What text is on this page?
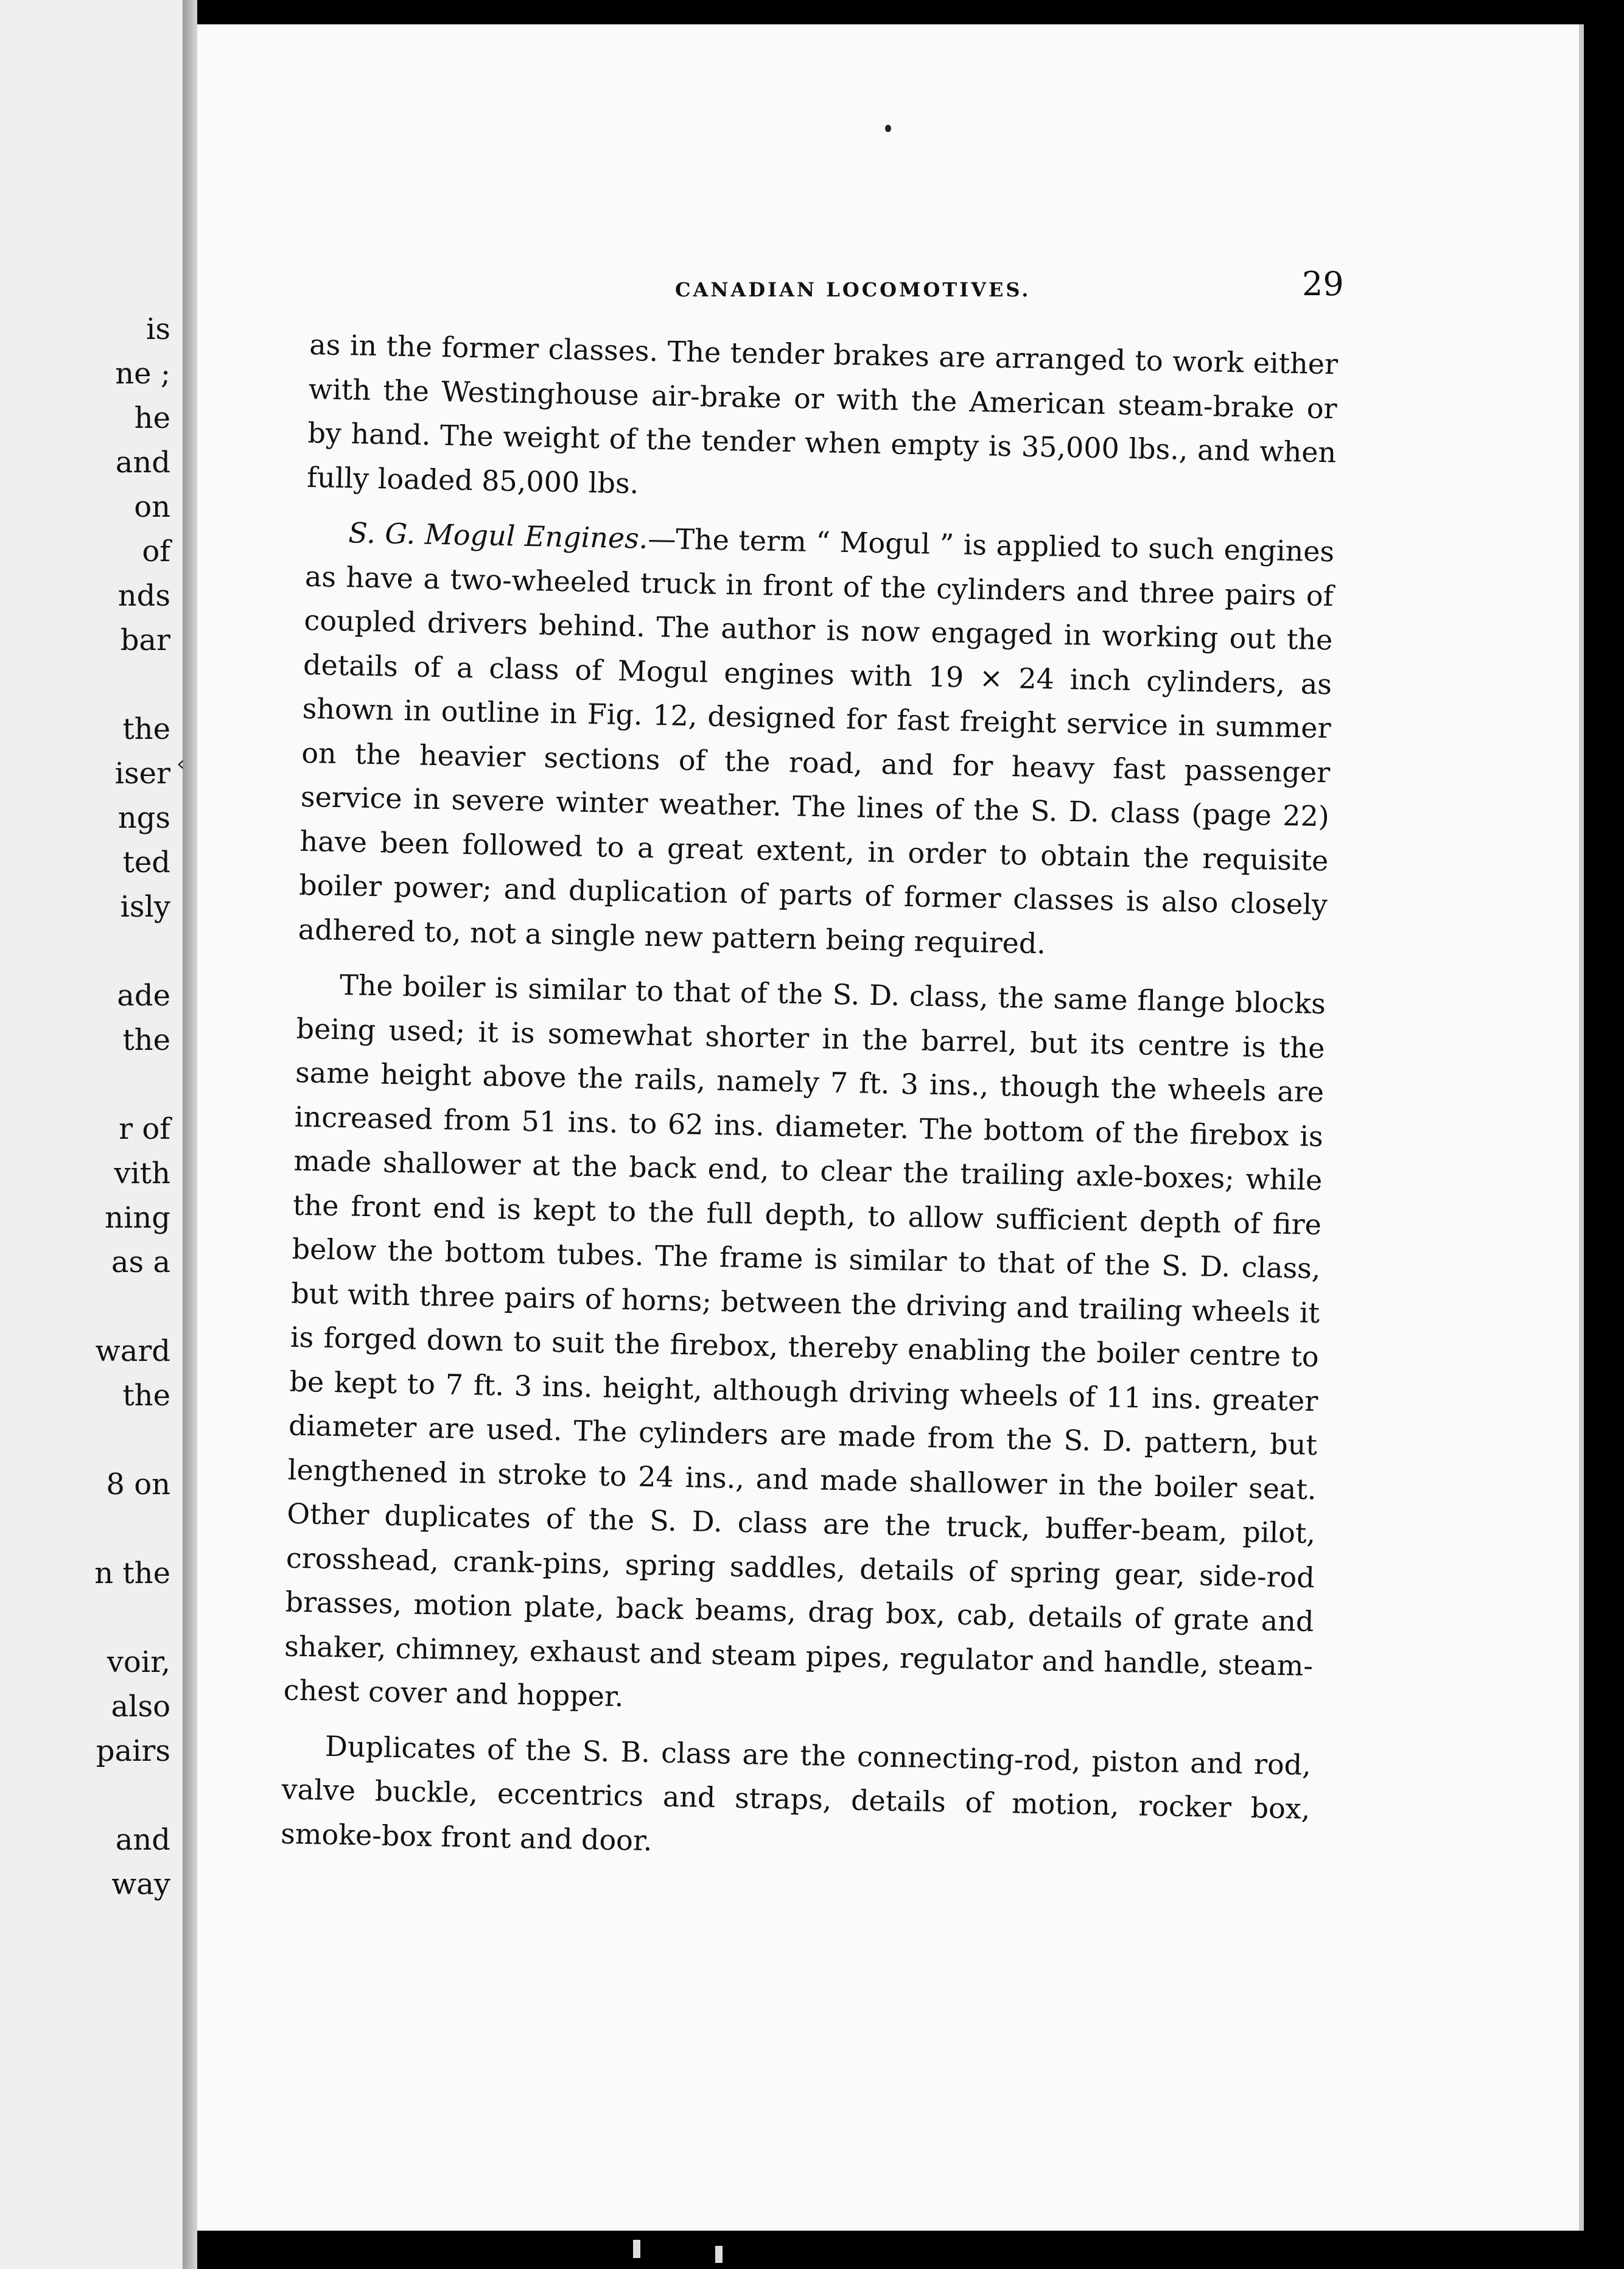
is
ne ;
he
and
on
of
nds
bar
the
iser
ngs
ted
isly
ade
the
r of
vith
ning
as a
ward
the
8 on
n the
voir,
also
pairs
and
way
‹
CANADIAN LOCOMOTIVES.	29

as in the former classes. The tender brakes are arranged to work either with the Westinghouse air-brake or with the American steam-brake or by hand. The weight of the tender when empty is 35,000 lbs., and when fully loaded 85,000 lbs.

S. G. Mogul Engines.—The term “ Mogul ” is applied to such engines as have a two-wheeled truck in front of the cylinders and three pairs of coupled drivers behind. The author is now engaged in working out the details of a class of Mogul engines with 19 × 24 inch cylinders, as shown in outline in Fig. 12, designed for fast freight service in summer on the heavier sections of the road, and for heavy fast passenger service in severe winter weather. The lines of the S. D. class (page 22) have been followed to a great extent, in order to obtain the requisite boiler power; and duplication of parts of former classes is also closely adhered to, not a single new pattern being required.

The boiler is similar to that of the S. D. class, the same flange blocks being used; it is somewhat shorter in the barrel, but its centre is the same height above the rails, namely 7 ft. 3 ins., though the wheels are increased from 51 ins. to 62 ins. diameter. The bottom of the firebox is made shallower at the back end, to clear the trailing axle-boxes; while the front end is kept to the full depth, to allow sufficient depth of fire below the bottom tubes. The frame is similar to that of the S. D. class, but with three pairs of horns; between the driving and trailing wheels it is forged down to suit the firebox, thereby enabling the boiler centre to be kept to 7 ft. 3 ins. height, although driving wheels of 11 ins. greater diameter are used. The cylinders are made from the S. D. pattern, but lengthened in stroke to 24 ins., and made shallower in the boiler seat. Other duplicates of the S. D. class are the truck, buffer-beam, pilot, crosshead, crank-pins, spring saddles, details of spring gear, side-rod brasses, motion plate, back beams, drag box, cab, details of grate and shaker, chimney, exhaust and steam pipes, regulator and handle, steam-chest cover and hopper.

Duplicates of the S. B. class are the connecting-rod, piston and rod, valve buckle, eccentrics and straps, details of motion, rocker box, smoke-box front and door.
